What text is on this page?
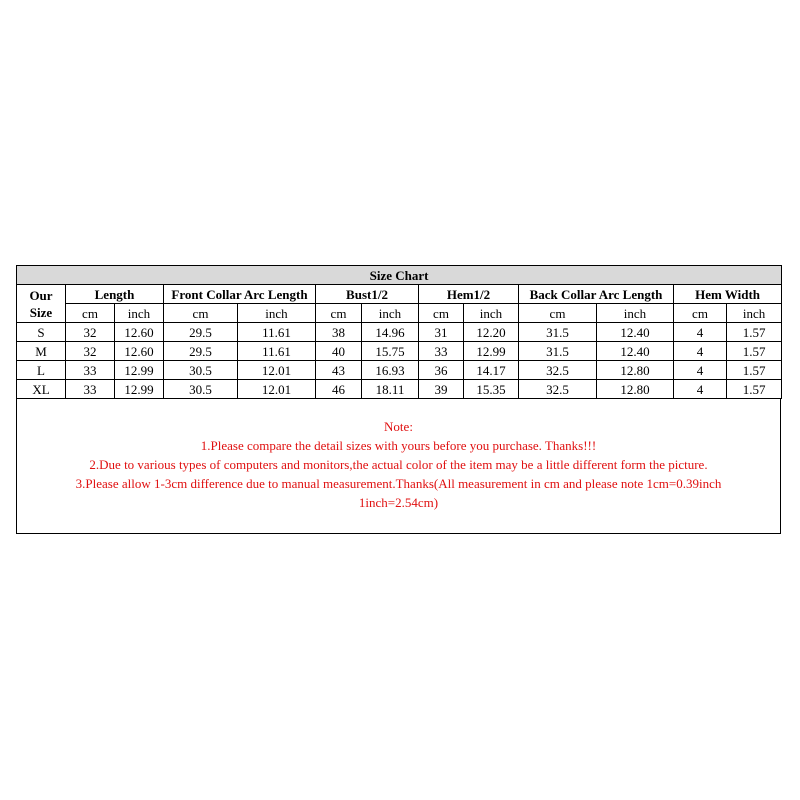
Size Chart												

Our
Size	Length		Front Collar Arc Length		Bust1/2		Hem1/2		Back Collar Arc Length		Hem Width	
	cm	inch	cm	inch	cm	inch	cm	inch	cm	inch	cm	inch
S	32	12.60	29.5	11.61	38	14.96	31	12.20	31.5	12.40	4	1.57
M	32	12.60	29.5	11.61	40	15.75	33	12.99	31.5	12.40	4	1.57
L	33	12.99	30.5	12.01	43	16.93	36	14.17	32.5	12.80	4	1.57
XL	33	12.99	30.5	12.01	46	18.11	39	15.35	32.5	12.80	4	1.57
Note:
1.Please compare the detail sizes with yours before you purchase. Thanks!!!
2.Due to various types of computers and monitors,the actual color of the item may be a little different form the picture.
3.Please allow 1-3cm difference due to manual measurement.Thanks(All measurement in cm and please note 1cm=0.39inch
1inch=2.54cm)
